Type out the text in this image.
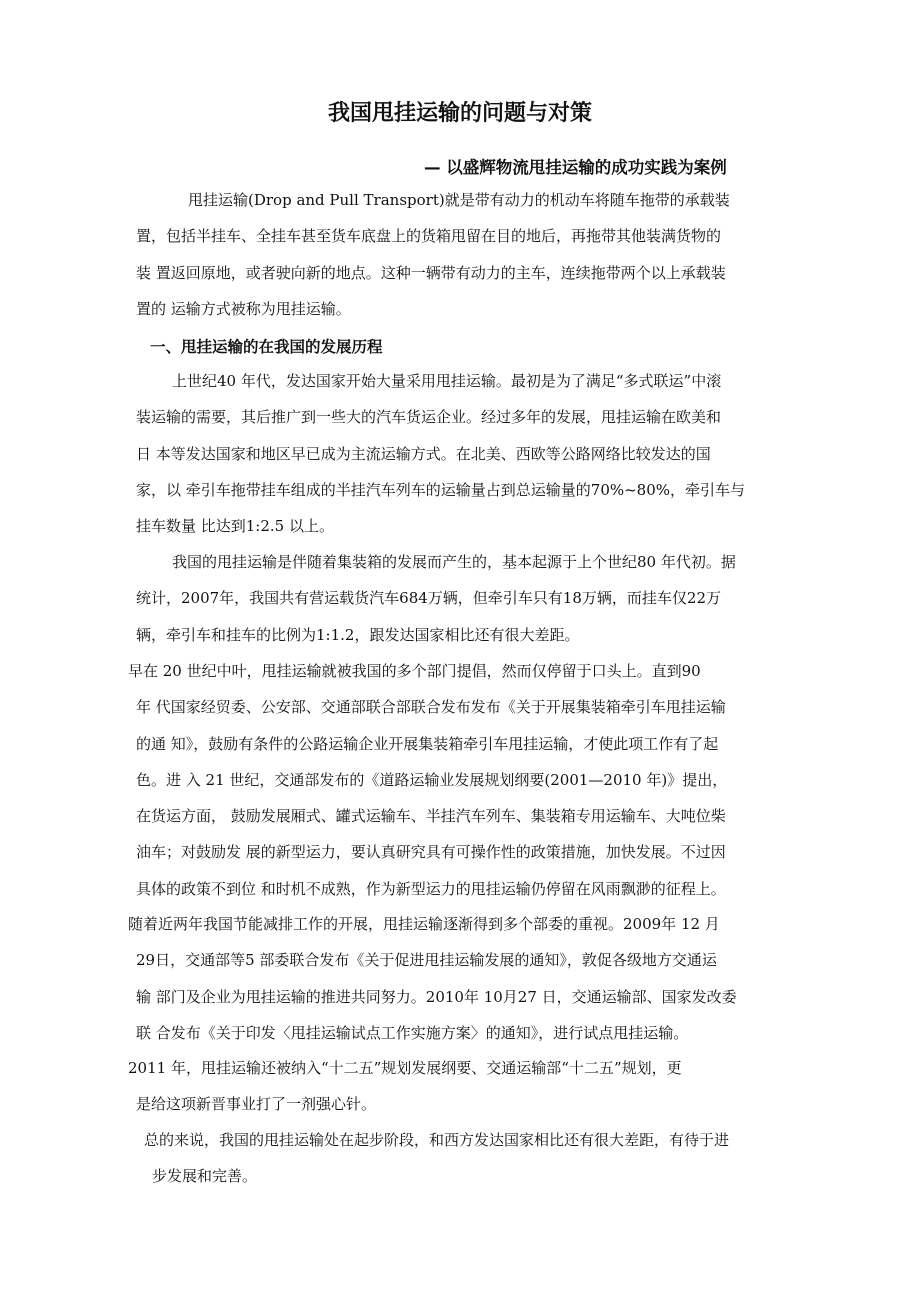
我国甩挂运输的问题与对策
— 以盛辉物流甩挂运输的成功实践为案例
甩挂运输(Drop and Pull Transport)就是带有动力的机动车将随车拖带的承载装
置，包括半挂车、全挂车甚至货车底盘上的货箱甩留在目的地后，再拖带其他装满货物的
装 置返回原地，或者驶向新的地点。这种一辆带有动力的主车，连续拖带两个以上承载装
置的 运输方式被称为甩挂运输。
一、甩挂运输的在我国的发展历程
上世纪40 年代，发达国家开始大量采用甩挂运输。最初是为了满足“多式联运”中滚
装运输的需要，其后推广到一些大的汽车货运企业。经过多年的发展，甩挂运输在欧美和
日 本等发达国家和地区早已成为主流运输方式。在北美、西欧等公路网络比较发达的国
家，以 牵引车拖带挂车组成的半挂汽车列车的运输量占到总运输量的70%~80%，牵引车与
挂车数量 比达到1:2.5 以上。
我国的甩挂运输是伴随着集装箱的发展而产生的，基本起源于上个世纪80 年代初。据
统计，2007年，我国共有营运载货汽车684万辆，但牵引车只有18万辆，而挂车仅22万
辆，牵引车和挂车的比例为1:1.2，跟发达国家相比还有很大差距。
早在 20 世纪中叶，甩挂运输就被我国的多个部门提倡，然而仅停留于口头上。直到90
年 代国家经贸委、公安部、交通部联合部联合发布发布《关于开展集装箱牵引车甩挂运输
的通 知》，鼓励有条件的公路运输企业开展集装箱牵引车甩挂运输，才使此项工作有了起
色。进 入 21 世纪，交通部发布的《道路运输业发展规划纲要(2001—2010 年)》提出，
在货运方面， 鼓励发展厢式、罐式运输车、半挂汽车列车、集装箱专用运输车、大吨位柴
油车；对鼓励发 展的新型运力，要认真研究具有可操作性的政策措施，加快发展。不过因
具体的政策不到位 和时机不成熟，作为新型运力的甩挂运输仍停留在风雨飘渺的征程上。
随着近两年我国节能减排工作的开展，甩挂运输逐渐得到多个部委的重视。2009年 12 月
29日，交通部等5 部委联合发布《关于促进甩挂运输发展的通知》，敦促各级地方交通运
输 部门及企业为甩挂运输的推进共同努力。2010年 10月27 日，交通运输部、国家发改委
联 合发布《关于印发〈甩挂运输试点工作实施方案〉的通知》，进行试点甩挂运输。
2011 年，甩挂运输还被纳入“十二五”规划发展纲要、交通运输部“十二五”规划，更
是给这项新晋事业打了一剂强心针。
总的来说，我国的甩挂运输处在起步阶段，和西方发达国家相比还有很大差距，有待于进
步发展和完善。
